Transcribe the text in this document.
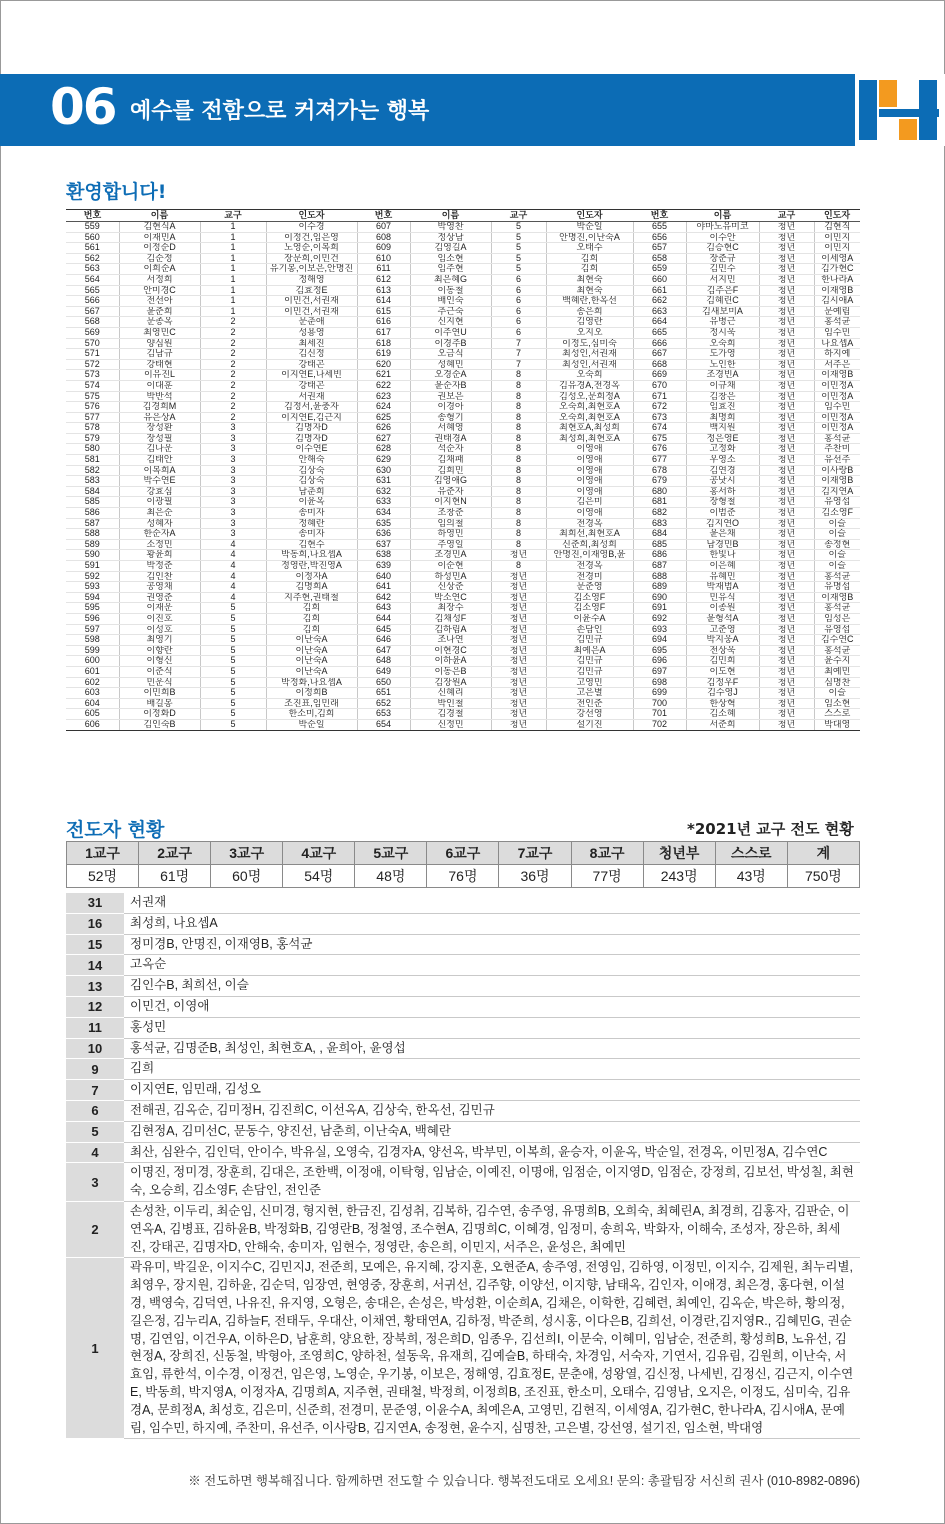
06 예수를 전함으로 커져가는 행복
환영합니다!
번호	이름	교구	인도자	번호	이름	교구	인도자	번호	이름	교구	인도자
559	김현식A	1	이수경	607	박영찬	5	박순일	655	야마노유미코	청년	김현직
560	이재민A	1	이정건,임은영	608	정상남	5	안명진,이난숙A	656	이수안	청년	이민지
561	이정순D	1	노영순,이복희	609	김영길A	5	오태수	657	김승현C	청년	이민지
562	김순정	1	장문희,이민건	610	임소현	5	김희	658	장준규	청년	이세영A
563	이희순A	1	유기봉,이보은,안명진	611	임주현	5	김희	659	김민수	청년	김가현C
564	서정희	1	정해영	612	최은혜G	6	최현숙	660	서지민	청년	한나라A
565	안미경C	1	김효정E	613	이동철	6	최현숙	661	김주은F	청년	이재영B
566	전선아	1	이민건,서권재	614	배인숙	6	백혜란,한옥선	662	김혜린C	청년	김시애A
567	윤준희	1	이민건,서권재	615	추근숙	6	송은희	663	김새보미A	청년	문예림
568	문종옥	2	문춘애	616	신지현	6	김영란	664	유병근	청년	홍석균
569	최영민C	2	성용영	617	이주연U	6	오지오	665	정시욱	청년	임수민
570	양심원	2	최세진	618	이경주B	7	이정도,심미숙	666	오숙희	청년	나요셉A
571	김남규	2	김신정	619	오금식	7	최성인,서권재	667	도가영	청년	하지예
572	강태현	2	강태곤	620	성혜민	7	최성인,서권재	668	노인한	청년	서주은
573	이유진L	2	이지연E,나세빈	621	오경순A	8	오숙희	669	조경빈A	청년	이재영B
574	이대훈	2	강태곤	622	윤순자B	8	김유경A,전경옥	670	이규채	청년	이민정A
575	박반석	2	서권재	623	권보은	8	김성오,문희정A	671	김창은	청년	이민정A
576	김경희M	2	김정서,윤충자	624	이경아	8	오숙희,최현호A	672	임효진	청년	임수민
577	유은상A	2	이지연E,김근지	625	송형기	8	오숙희,최현호A	673	최명희	청년	이민정A
578	장성환	3	김명자D	626	서혜영	8	최현호A,최성희	674	백지원	청년	이민정A
579	장성필	3	김명자D	627	권태경A	8	최성희,최현호A	675	정은영E	청년	홍석균
580	김나운	3	이수연E	628	석순자	8	이영애	676	고정화	청년	주찬미
581	김태안	3	안해숙	629	김채패	8	이영애	677	우영소	청년	유선주
582	이복희A	3	김상숙	630	김희민	8	이영애	678	김연경	청년	이사랑B
583	박수연E	3	김상숙	631	김영애G	8	이영애	679	공낫시	청년	이재영B
584	강효심	3	남춘희	632	유준자	8	이영애	680	홍서하	청년	김지연A
585	이광필	3	이윤옥	633	이지현N	8	김은미	681	장형철	청년	유영섭
586	최은순	3	송미자	634	조창준	8	이영애	682	이범준	청년	김소영F
587	성혜자	3	정혜란	635	임의철	8	전경옥	683	김지연O	청년	이슬
588	한순자A	3	송미자	636	하영민	8	최희선,최현호A	684	윤은채	청년	이슬
589	소정민	4	김현수	637	주영일	8	신준희,최성희	685	남경민B	청년	송정현
590	황윤희	4	박동희,나요셉A	638	조경민A	청년	안명진,이재영B,윤	686	한빛나	청년	이슬
591	박정준	4	정영란,박진영A	639	이순현	8	전경옥	687	이은혜	청년	이슬
592	김인찬	4	이정자A	640	하성민A	청년	전경미	688	유혜민	청년	홍석균
593	공영채	4	김명희A	641	신상준	청년	문준영	689	박재범A	청년	유명섭
594	권영준	4	지주현,권태철	642	박소연C	청년	김소영F	690	민유식	청년	이재영B
595	이재운	5	김희	643	최장수	청년	김소영F	691	이종원	청년	홍석균
596	이진호	5	김희	644	김채성F	청년	이윤수A	692	윤형석A	청년	임성은
597	이성호	5	김희	645	김하림A	청년	손담인	693	고준영	청년	유영섭
598	최영기	5	이난숙A	646	조나연	청년	김민규	694	박지웅A	청년	김수연C
599	이향란	5	이난숙A	647	이현경C	청년	최예은A	695	전상욱	청년	홍석균
600	이형신	5	이난숙A	648	이하윤A	청년	김민규	696	김민희	청년	윤수지
601	이준식	5	이난숙A	649	이동은B	청년	김민규	697	이도현	청년	최예민
602	민운식	5	박정화,나요셉A	650	김장원A	청년	고영민	698	김정우F	청년	심명찬
603	이민희B	5	이정희B	651	신혜리	청년	고은별	699	김수영J	청년	이슬
604	배길봉	5	조진표,임민래	652	박인철	청년	전인준	700	한상혁	청년	임소현
605	이정화D	5	한소미,김희	653	김경철	청년	강선영	701	김소혜	청년	스스로
606	김인숙B	5	박순일	654	신정민	청년	설기진	702	서준희	청년	박대영
전도자 현황	*2021년 교구 전도 현황
1교구	2교구	3교구	4교구	5교구	6교구	7교구	8교구	청년부	스스로	계
52명	61명	60명	54명	48명	76명	36명	77명	243명	43명	750명
31	서권재
16	최성희, 나요셉A
15	정미경B, 안명진, 이재영B, 홍석균
14	고옥순
13	김인수B, 최희선, 이슬
12	이민건, 이영애
11	홍성민
10	홍석균, 김명준B, 최성인, 최현호A, , 윤희아, 윤영섭
9	김희
7	이지연E, 임민래, 김성오
6	전해권, 김옥순, 김미정H, 김진희C, 이선옥A, 김상숙, 한옥선, 김민규
5	김현정A, 김미선C, 문동수, 양진선, 남춘희, 이난숙A, 백혜란
4	최산, 심완수, 김인덕, 안이수, 박유실, 오영숙, 김경자A, 양선옥, 박부민, 이복희, 윤승자, 이윤옥, 박순일, 전경옥, 이민정A, 김수연C
3	이명진, 정미경, 장훈희, 김대은, 조한백, 이정애, 이탁형, 임남순, 이예진, 이명애, 임점순, 이지영D, 임점순, 강정희, 김보선, 박성칠, 최현숙, 오승희, 김소영F, 손담인, 전인준
2	손성찬, 이두리, 최순임, 신미경, 형지현, 한금진, 김성취, 김복하, 김수연, 송주영, 유명희B, 오희숙, 최혜린A, 최경희, 김홍자, 김판순, 이연옥A, 김병표, 김하윤B, 박정화B, 김영란B, 정철영, 조수현A, 김명희C, 이혜경, 임정미, 송희옥, 박화자, 이해숙, 조성자, 장은하, 최세진, 강태곤, 김명자D, 안해숙, 송미자, 임현수, 정영란, 송은희, 이민지, 서주은, 윤성은, 최예민
1	곽유미, 박길운, 이지수C, 김민지J, 전준희, 모예은, 유지혜, 강지훈, 오현준A, 송주영, 전영임, 김하영, 이정민, 이지수, 김제원, 최누리별, 최영우, 장지원, 김하윤, 김순덕, 임장연, 현영중, 장훈희, 서귀선, 김주향, 이양선, 이지향, 남태옥, 김인자, 이애경, 최은경, 홍다현, 이설경, 백영숙, 김덕연, 나유진, 유지영, 오형은, 송대은, 손성은, 박성환, 이순희A, 김채은, 이학한, 김혜련, 최예인, 김옥순, 박은하, 황의정, 길은정, 김누리A, 김하늘F, 전태두, 우대산, 이채연, 황태연A, 김하정, 박준희, 성시홍, 이다은B, 김희선, 이경란,김지영R., 김혜민G, 권순명, 김연임, 이건우A, 이하은D, 남훈희, 양요한, 장북희, 정은희D, 임종우, 김선희I, 이문숙, 이혜미, 임남순, 전준희, 황성희B, 노유선, 김현정A, 장희진, 신동철, 박형아, 조영희C, 양하천, 설동욱, 유재희, 김예슬B, 하태숙, 차경임, 서숙자, 기연서, 김유림, 김원희, 이난숙, 서효임, 류한석, 이수경, 이정건, 임은영, 노영순, 우기봉, 이보은, 정해영, 김효정E, 문춘애, 성왕열, 김신정, 나세빈, 김정신, 김근지, 이수연E, 박동희, 박지영A, 이정자A, 김명희A, 지주현, 권태철, 박정희, 이정희B, 조진표, 한소미, 오태수, 김영남, 오지은, 이정도, 심미숙, 김유경A, 문희정A, 최성호, 김은미, 신준희, 전경미, 문준영, 이윤수A, 최예은A, 고영민, 김현직, 이세영A, 김가현C, 한나라A, 김시애A, 문예림, 임수민, 하지예, 주찬미, 유선주, 이사랑B, 김지연A, 송정현, 윤수지, 심명찬, 고은별, 강선영, 설기진, 임소현, 박대영
※ 전도하면 행복해집니다. 함께하면 전도할 수 있습니다. 행복전도대로 오세요! 문의: 총괄팀장 서신희 권사 (010-8982-0896)
